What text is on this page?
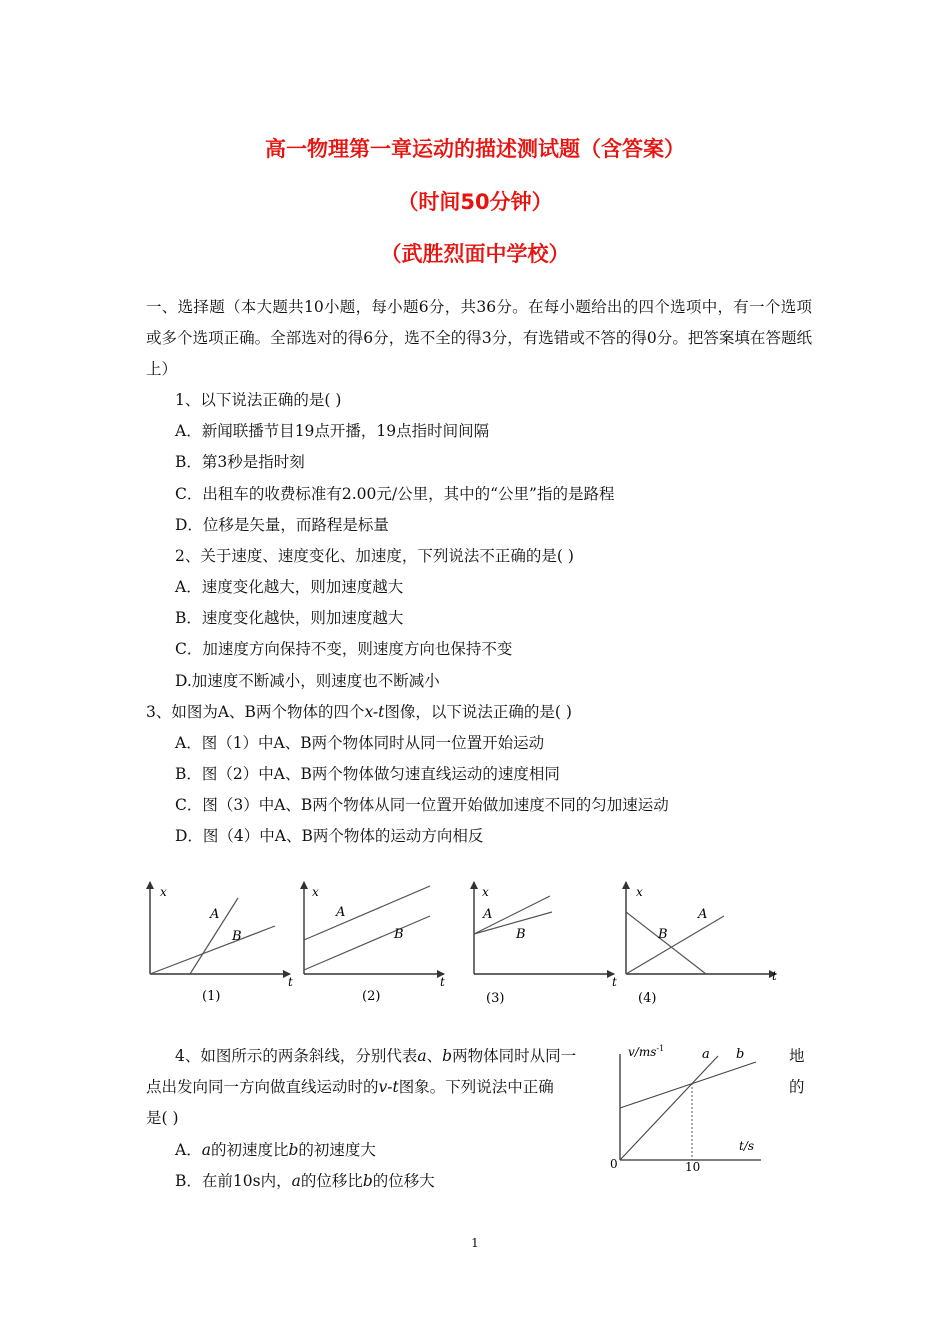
高一物理第一章运动的描述测试题（含答案）
（时间50分钟）
（武胜烈面中学校）
一、选择题（本大题共10小题，每小题6分，共36分。在每小题给出的四个选项中，有一个选项或多个选项正确。全部选对的得6分，选不全的得3分，有选错或不答的得0分。把答案填在答题纸上）
1、以下说法正确的是( )
A．新闻联播节目19点开播，19点指时间间隔
B．第3秒是指时刻
C．出租车的收费标准有2.00元/公里，其中的“公里”指的是路程
D．位移是矢量，而路程是标量
2、关于速度、速度变化、加速度，下列说法不正确的是( )
A．速度变化越大，则加速度越大
B．速度变化越快，则加速度越大
C．加速度方向保持不变，则速度方向也保持不变
D.加速度不断减小，则速度也不断减小
3、如图为A、B两个物体的四个x-t图像，以下说法正确的是( )
A．图（1）中A、B两个物体同时从同一位置开始运动
B．图（2）中A、B两个物体做匀速直线运动的速度相同
C．图（3）中A、B两个物体从同一位置开始做加速度不同的匀加速运动
D．图（4）中A、B两个物体的运动方向相反
x
t
A
B
(1)
x
t
A
B
(2)
x
t
A
B
(3)
x
t
A
B
(4)
4、如图所示的两条斜线，分别代表a、b两物体同时从同一	地
点出发向同一方向做直线运动时的v-t图象。下列说法中正确	的
是( )
A．a的初速度比b的初速度大
B．在前10s内，a的位移比b的位移大
$v/ms^{-1}$
t/s
0	10
a b
1
